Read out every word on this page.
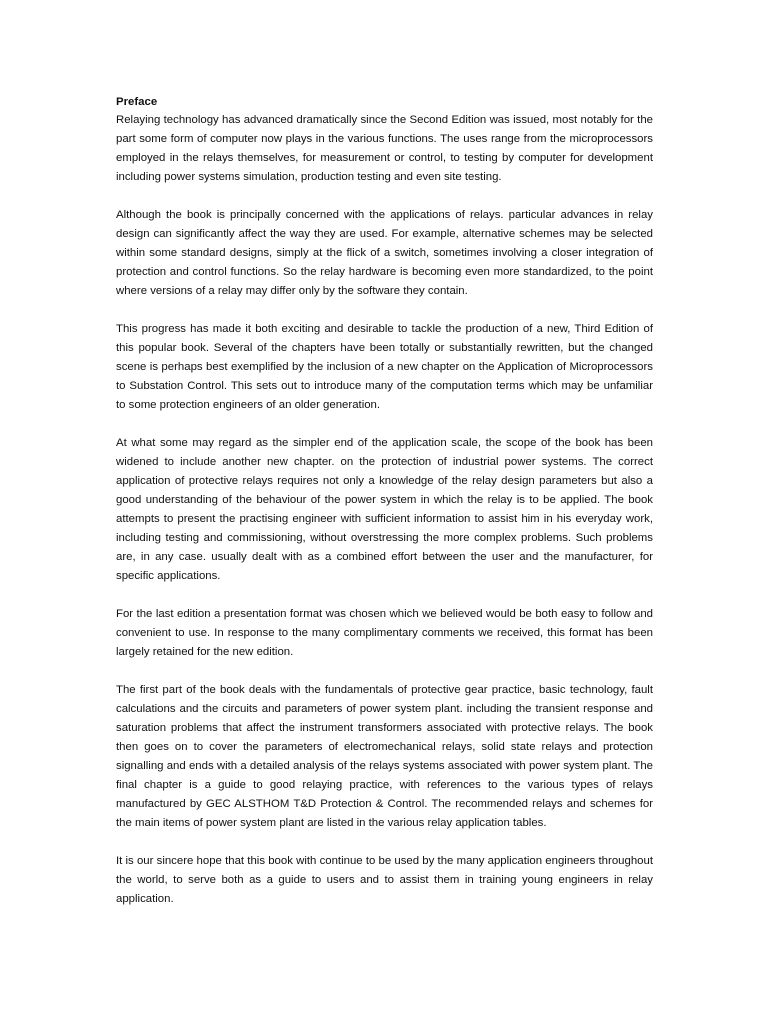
Preface

Relaying technology has advanced dramatically since the Second Edition was issued, most notably for the part some form of computer now plays in the various functions. The uses range from the microprocessors employed in the relays themselves, for measurement or control, to testing by computer for development including power systems simulation, production testing and even site testing.

Although the book is principally concerned with the applications of relays. particular advances in relay design can significantly affect the way they are used. For example, alternative schemes may be selected within some standard designs, simply at the flick of a switch, sometimes involving a closer integration of protection and control functions. So the relay hardware is becoming even more standardized, to the point where versions of a relay may differ only by the software they contain.

This progress has made it both exciting and desirable to tackle the production of a new, Third Edition of this popular book. Several of the chapters have been totally or substantially rewritten, but the changed scene is perhaps best exemplified by the inclusion of a new chapter on the Application of Microprocessors to Substation Control. This sets out to introduce many of the computation terms which may be unfamiliar to some protection engineers of an older generation.

At what some may regard as the simpler end of the application scale, the scope of the book has been widened to include another new chapter. on the protection of industrial power systems. The correct application of protective relays requires not only a knowledge of the relay design parameters but also a good understanding of the behaviour of the power system in which the relay is to be applied. The book attempts to present the practising engineer with sufficient information to assist him in his everyday work, including testing and commissioning, without overstressing the more complex problems. Such problems are, in any case. usually dealt with as a combined effort between the user and the manufacturer, for specific applications.

For the last edition a presentation format was chosen which we believed would be both easy to follow and convenient to use. In response to the many complimentary comments we received, this format has been largely retained for the new edition.

The first part of the book deals with the fundamentals of protective gear practice, basic technology, fault calculations and the circuits and parameters of power system plant. including the transient response and saturation problems that affect the instrument transformers associated with protective relays. The book then goes on to cover the parameters of electromechanical relays, solid state relays and protection signalling and ends with a detailed analysis of the relays systems associated with power system plant. The final chapter is a guide to good relaying practice, with references to the various types of relays manufactured by GEC ALSTHOM T&D Protection & Control. The recommended relays and schemes for the main items of power system plant are listed in the various relay application tables.

It is our sincere hope that this book with continue to be used by the many application engineers throughout the world, to serve both as a guide to users and to assist them in training young engineers in relay application.
